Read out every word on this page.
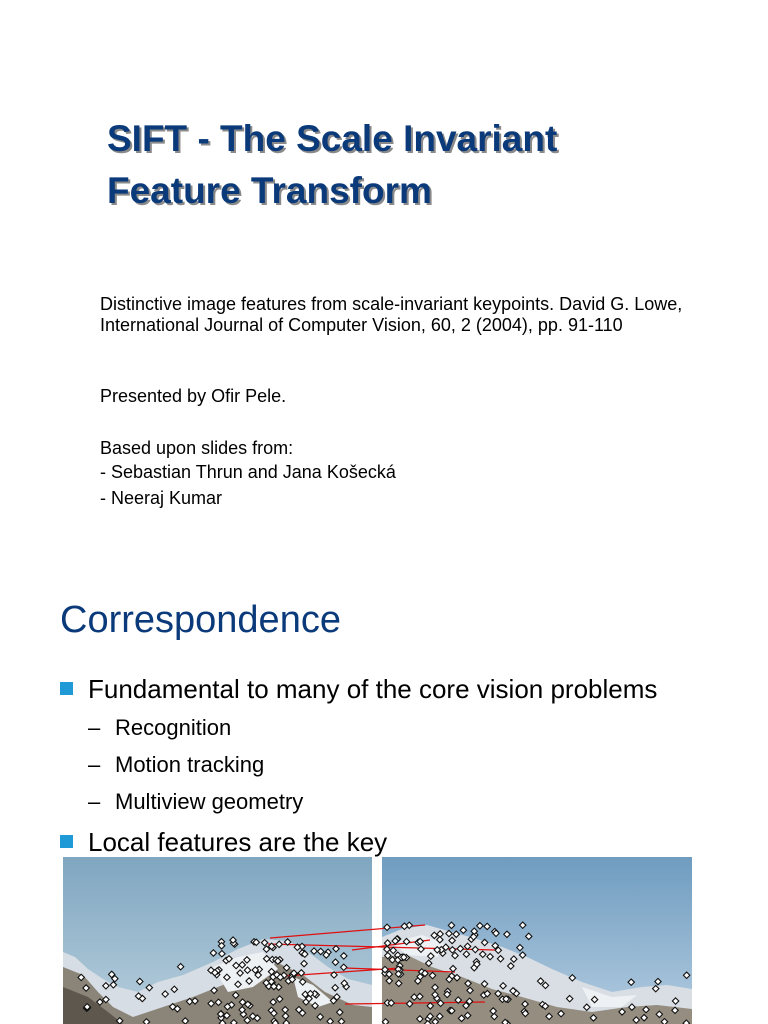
SIFT - The Scale Invariant
Feature Transform

Distinctive image features from scale-invariant keypoints. David G. Lowe, International Journal of Computer Vision, 60, 2 (2004), pp. 91-110

Presented by Ofir Pele.

Based upon slides from:
- Sebastian Thrun and Jana Košecká
- Neeraj Kumar

Correspondence
Fundamental to many of the core vision problems
– Recognition
– Motion tracking
– Multiview geometry
Local features are the key
